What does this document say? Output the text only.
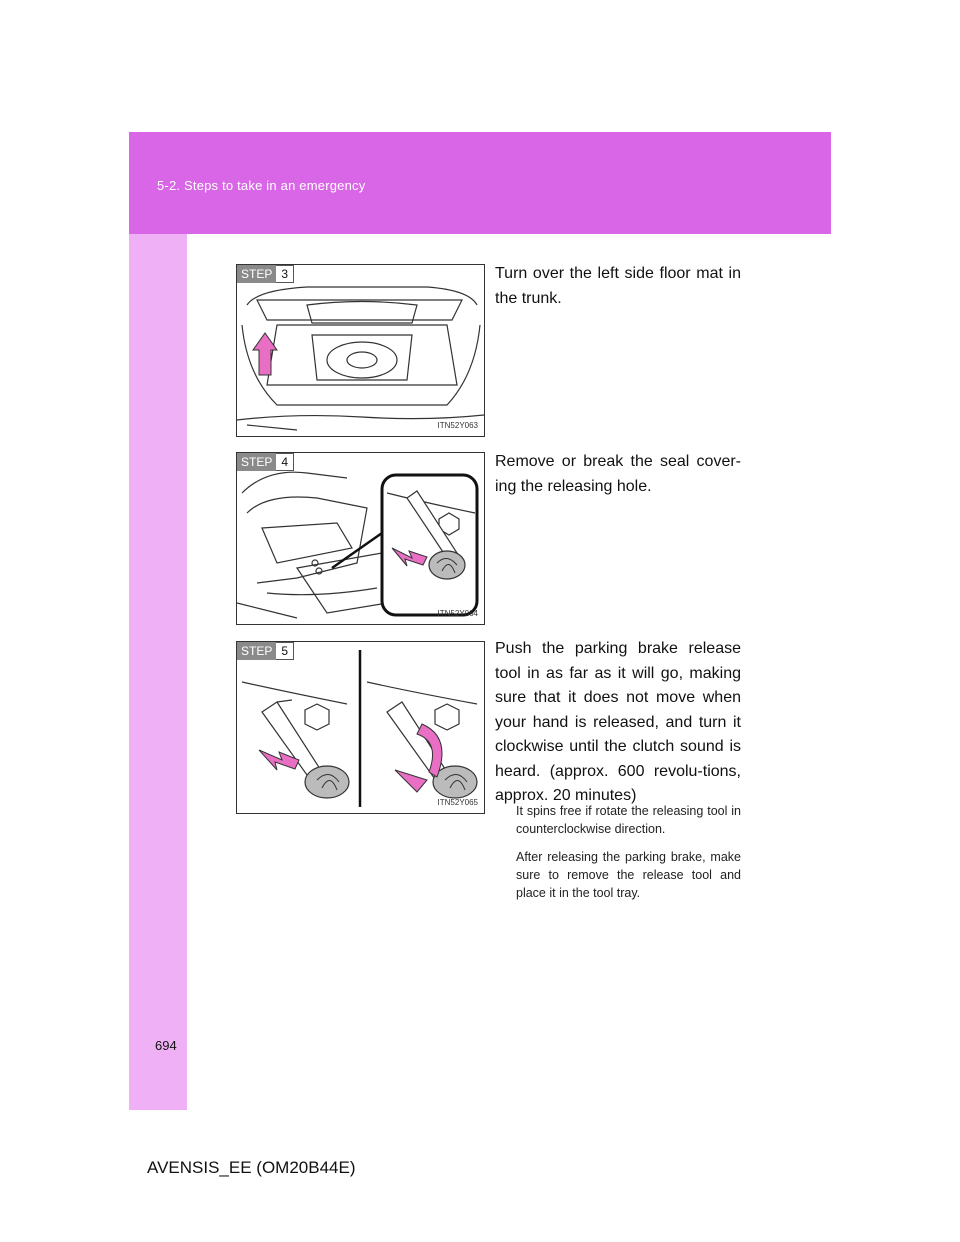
5-2. Steps to take in an emergency
STEP 3
ITN52Y063
Turn over the left side floor mat in the trunk.
STEP 4
ITN52Y064
Remove or break the seal cover-ing the releasing hole.
STEP 5
ITN52Y065
Push the parking brake release tool in as far as it will go, making sure that it does not move when your hand is released, and turn it clockwise until the clutch sound is heard. (approx. 600 revolu-tions, approx. 20 minutes)
It spins free if rotate the releasing tool in counterclockwise direction.
After releasing the parking brake, make sure to remove the release tool and place it in the tool tray.
694
AVENSIS_EE (OM20B44E)
